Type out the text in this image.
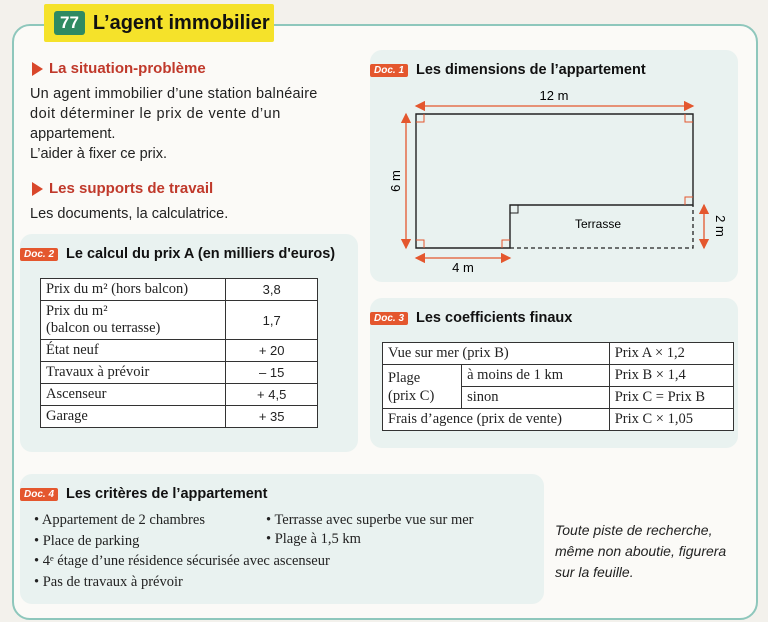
77 L’agent immobilier
La situation-problème
Un agent immobilier d’une station balnéaire
doit déterminer le prix de vente d’un
appartement.
L’aider à fixer ce prix.
Les supports de travail
Les documents, la calculatrice.
Doc. 1 Les dimensions de l’appartement
12 m
6 m
Terrasse
4 m
2 m
Doc. 2 Le calcul du prix A (en milliers d'euros)
Prix du m² (hors balcon)	3,8

Prix du m²
(balcon ou terrasse)	1,7
État neuf	+ 20
Travaux à prévoir	– 15
Ascenseur	+ 4,5
Garage	+ 35
Doc. 3 Les coefficients finaux
Vue sur mer (prix B)		Prix A × 1,2

Plage
(prix C)	à moins de 1 km	Prix B × 1,4
	sinon	Prix C = Prix B
Frais d’agence (prix de vente)		Prix C × 1,05
Doc. 4 Les critères de l’appartement
• Appartement de 2 chambres	• Terrasse avec superbe vue sur mer
• Place de parking	• Plage à 1,5 km
• 4ᵉ étage d’une résidence sécurisée avec ascenseur
• Pas de travaux à prévoir
Toute piste de recherche,
même non aboutie, figurera
sur la feuille.
